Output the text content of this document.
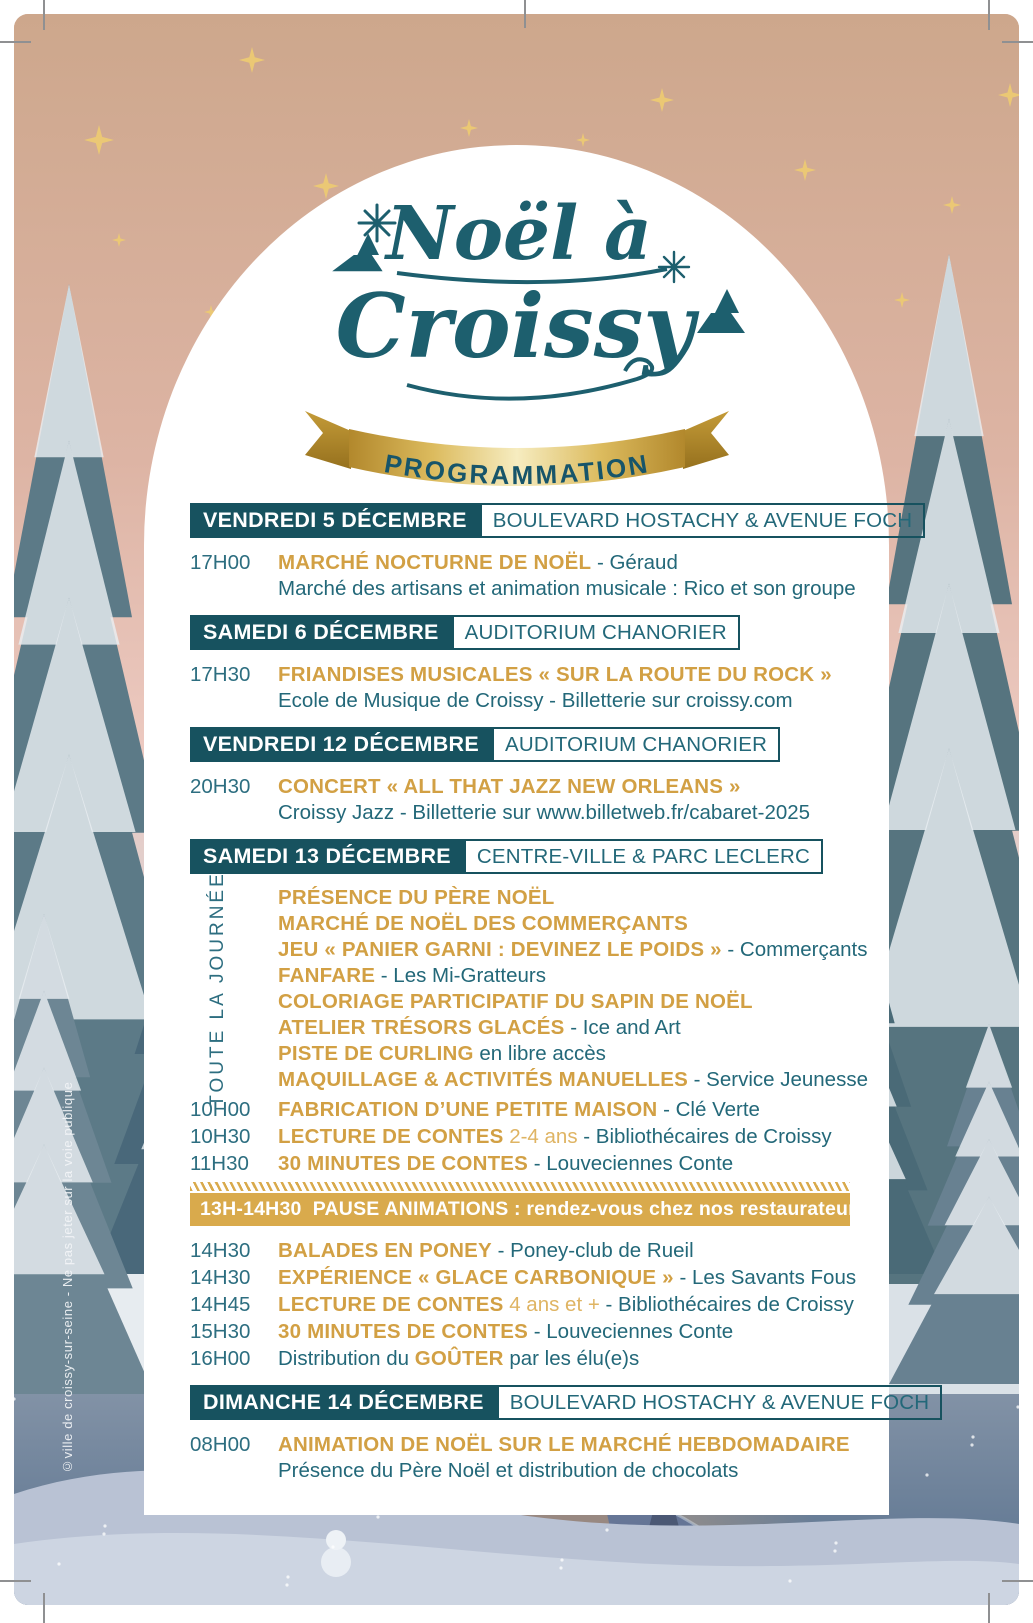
©ville de croissy-sur-seine - Ne pas jeter sur la voie publique
Noël à
Croissy
PROGRAMMATION
VENDREDI 5 DÉCEMBRE	BOULEVARD HOSTACHY & AVENUE FOCH
17H00	MARCHÉ NOCTURNE DE NOËL - Géraud
Marché des artisans et animation musicale : Rico et son groupe
SAMEDI 6 DÉCEMBRE	AUDITORIUM CHANORIER
17H30	FRIANDISES MUSICALES « SUR LA ROUTE DU ROCK »
Ecole de Musique de Croissy - Billetterie sur croissy.com
VENDREDI 12 DÉCEMBRE	AUDITORIUM CHANORIER
20H30	CONCERT « ALL THAT JAZZ NEW ORLEANS »
Croissy Jazz - Billetterie sur www.billetweb.fr/cabaret-2025
SAMEDI 13 DÉCEMBRE	CENTRE-VILLE & PARC LECLERC
TOUTE LA JOURNÉE
PRÉSENCE DU PÈRE NOËL

MARCHÉ DE NOËL DES COMMERÇANTS

JEU « PANIER GARNI : DEVINEZ LE POIDS » - Commerçants

FANFARE - Les Mi-Gratteurs

COLORIAGE PARTICIPATIF DU SAPIN DE NOËL

ATELIER TRÉSORS GLACÉS - Ice and Art

PISTE DE CURLING en libre accès

MAQUILLAGE & ACTIVITÉS MANUELLES - Service Jeunesse
10H00	FABRICATION D’UNE PETITE MAISON - Clé Verte
10H30	LECTURE DE CONTES 2-4 ans - Bibliothécaires de Croissy
11H30	30 MINUTES DE CONTES - Louveciennes Conte
13H-14H30  PAUSE ANIMATIONS : rendez-vous chez nos restaurateurs !
14H30	BALADES EN PONEY - Poney-club de Rueil
14H30	EXPÉRIENCE « GLACE CARBONIQUE » - Les Savants Fous
14H45	LECTURE DE CONTES 4 ans et + - Bibliothécaires de Croissy
15H30	30 MINUTES DE CONTES - Louveciennes Conte
16H00	Distribution du GOÛTER par les élu(e)s
DIMANCHE 14 DÉCEMBRE	BOULEVARD HOSTACHY & AVENUE FOCH
08H00	ANIMATION DE NOËL SUR LE MARCHÉ HEBDOMADAIRE
Présence du Père Noël et distribution de chocolats
